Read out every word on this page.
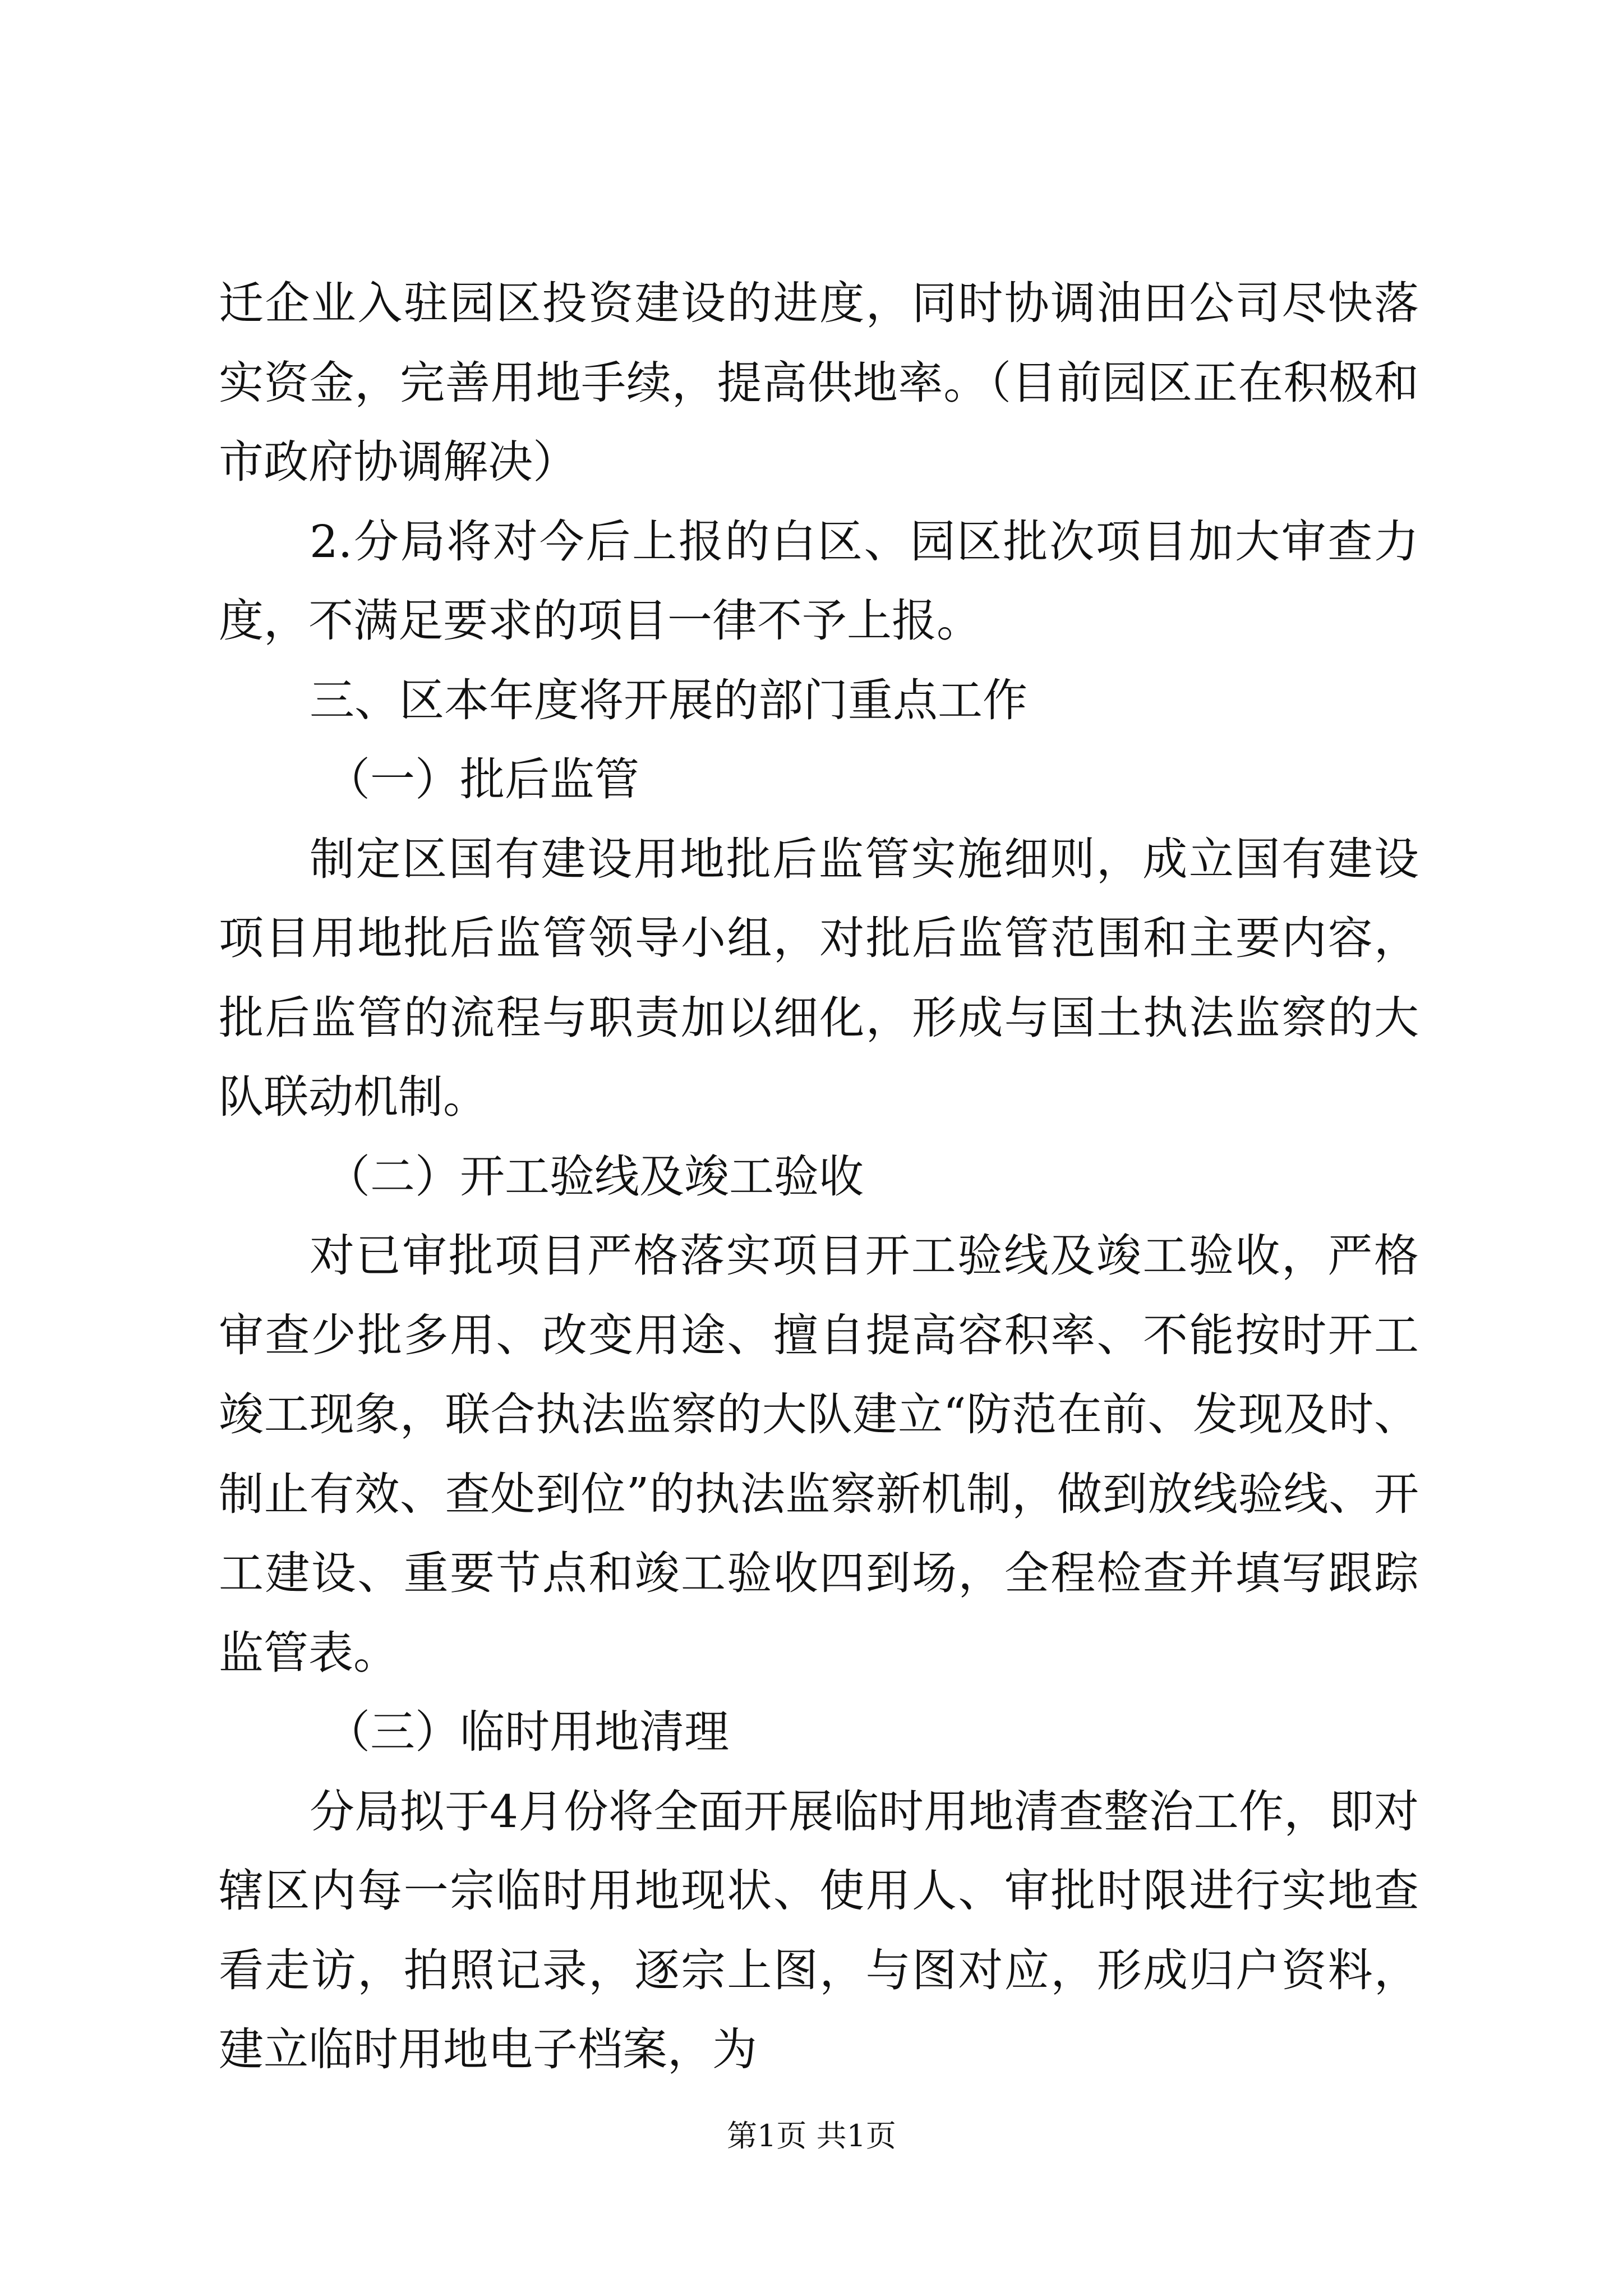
迁企业入驻园区投资建设的进度，同时协调油田公司尽快落实资金，完善用地手续，提高供地率。（目前园区正在积极和市政府协调解决）

2.分局将对今后上报的白区、园区批次项目加大审查力度，不满足要求的项目一律不予上报。

三、区本年度将开展的部门重点工作

（一）批后监管

制定区国有建设用地批后监管实施细则，成立国有建设项目用地批后监管领导小组，对批后监管范围和主要内容，批后监管的流程与职责加以细化，形成与国土执法监察的大队联动机制。

（二）开工验线及竣工验收

对已审批项目严格落实项目开工验线及竣工验收，严格审查少批多用、改变用途、擅自提高容积率、不能按时开工竣工现象，联合执法监察的大队建立“防范在前、发现及时、制止有效、查处到位”的执法监察新机制，做到放线验线、开工建设、重要节点和竣工验收四到场，全程检查并填写跟踪监管表。

（三）临时用地清理

分局拟于4月份将全面开展临时用地清查整治工作，即对辖区内每一宗临时用地现状、使用人、审批时限进行实地查看走访，拍照记录，逐宗上图，与图对应，形成归户资料，建立临时用地电子档案，为

第1页 共1页
